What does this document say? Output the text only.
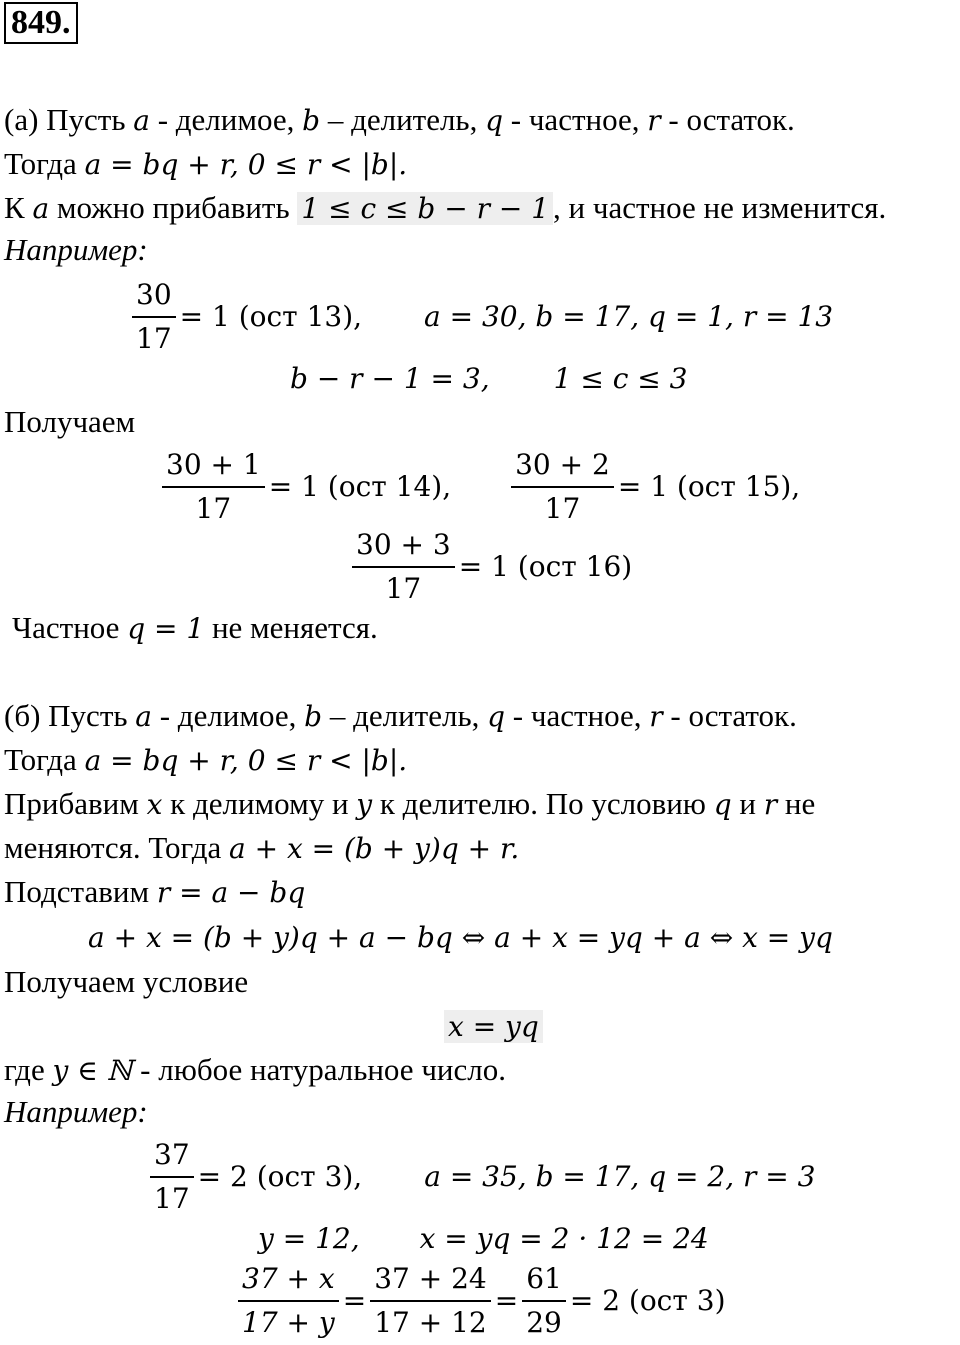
849.
(а) Пусть a - делимое, b – делитель, q - частное, r - остаток.
Тогда a = bq + r, 0 ≤ r < |b|.
К a можно прибавить 1 ≤ c ≤ b − r − 1 , и частное не изменится.
Например:
$\frac{30}{17} = 1$ (ост 13), a = 30, b = 17, q = 1, r = 13
b − r − 1 = 3, 1 ≤ c ≤ 3
Получаем
$\frac{30 + 1}{17} = 1$ (ост 14), $\frac{30 + 2}{17} = 1$ (ост 15),
$\frac{30 + 3}{17} = 1$ (ост 16)
Частное q = 1 не меняется.
(б) Пусть a - делимое, b – делитель, q - частное, r - остаток.
Тогда a = bq + r, 0 ≤ r < |b|.
Прибавим x к делимому и y к делителю. По условию q и r не
меняются. Тогда a + x = (b + y)q + r.
Подставим r = a − bq
a + x = (b + y)q + a − bq ⇔ a + x = yq + a ⇔ x = yq
Получаем условие
x = yq
где y ∈ ℕ - любое натуральное число.
Например:
$\frac{37}{17} = 2$ (ост 3), a = 35, b = 17, q = 2, r = 3
y = 12, x = yq = 2 · 12 = 24
$\frac{37 + x}{17 + y} = \frac{37 + 24}{17 + 12} = \frac{61}{29} = 2$ (ост 3)
